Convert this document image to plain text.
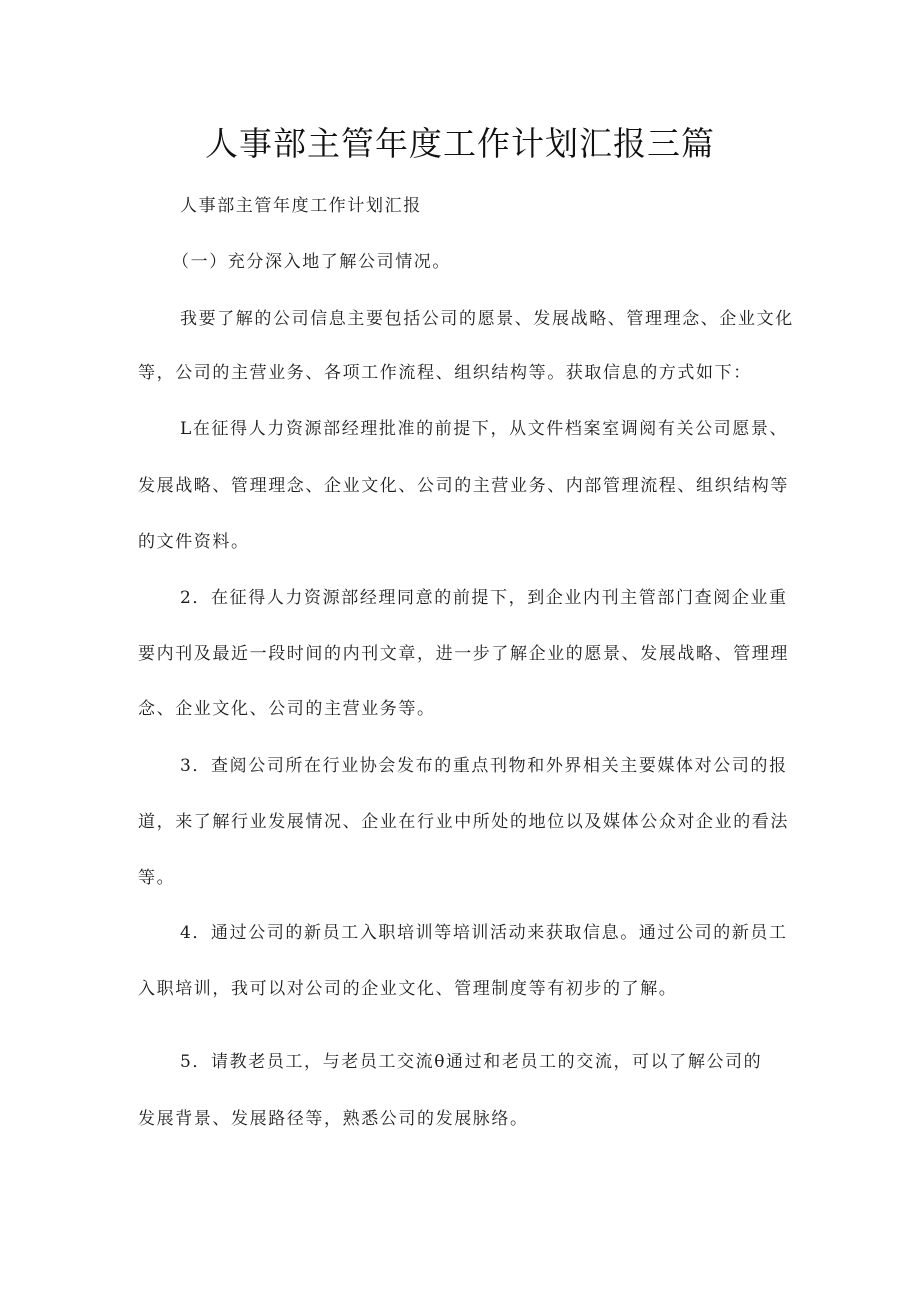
人事部主管年度工作计划汇报三篇
人事部主管年度工作计划汇报
（一）充分深入地了解公司情况。
我要了解的公司信息主要包括公司的愿景、发展战略、管理理念、企业文化
等，公司的主营业务、各项工作流程、组织结构等。获取信息的方式如下：
L在征得人力资源部经理批准的前提下，从文件档案室调阅有关公司愿景、
发展战略、管理理念、企业文化、公司的主营业务、内部管理流程、组织结构等
的文件资料。
2．在征得人力资源部经理同意的前提下，到企业内刊主管部门查阅企业重
要内刊及最近一段时间的内刊文章，进一步了解企业的愿景、发展战略、管理理
念、企业文化、公司的主营业务等。
3．查阅公司所在行业协会发布的重点刊物和外界相关主要媒体对公司的报
道，来了解行业发展情况、企业在行业中所处的地位以及媒体公众对企业的看法
等。
4．通过公司的新员工入职培训等培训活动来获取信息。通过公司的新员工
入职培训，我可以对公司的企业文化、管理制度等有初步的了解。
5．请教老员工，与老员工交流θ通过和老员工的交流，可以了解公司的
发展背景、发展路径等，熟悉公司的发展脉络。
